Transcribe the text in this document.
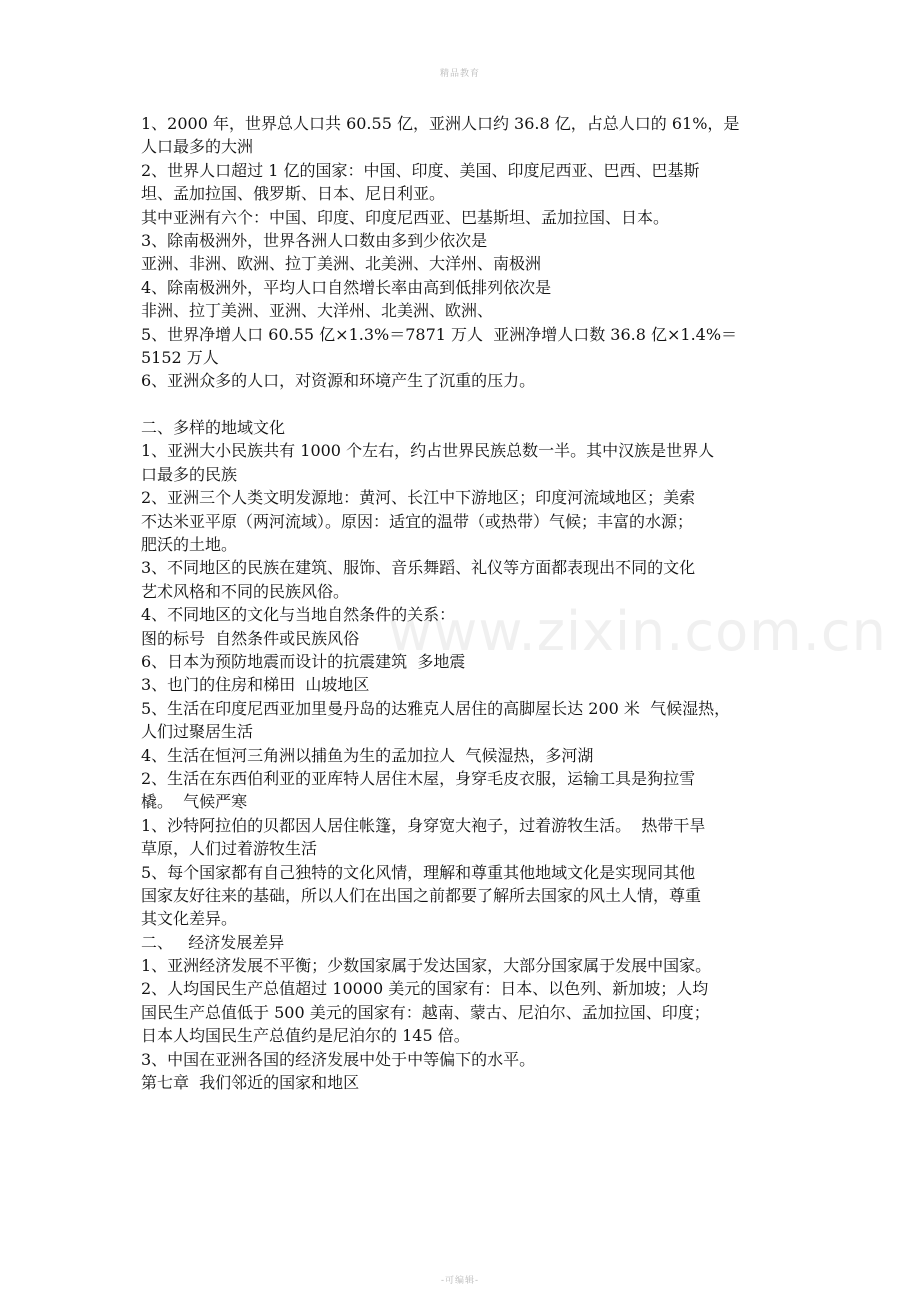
精品教育
www.zixin.com.cn
1、2000 年，世界总人口共 60.55 亿，亚洲人口约 36.8 亿，占总人口的 61%，是
人口最多的大洲
2、世界人口超过 1 亿的国家：中国、印度、美国、印度尼西亚、巴西、巴基斯
坦、孟加拉国、俄罗斯、日本、尼日利亚。
其中亚洲有六个：中国、印度、印度尼西亚、巴基斯坦、孟加拉国、日本。
3、除南极洲外，世界各洲人口数由多到少依次是
亚洲、非洲、欧洲、拉丁美洲、北美洲、大洋州、南极洲
4、除南极洲外，平均人口自然增长率由高到低排列依次是
非洲、拉丁美洲、亚洲、大洋州、北美洲、欧洲、
5、世界净增人口 60.55 亿×1.3%＝7871 万人  亚洲净增人口数 36.8 亿×1.4%＝
5152 万人
6、亚洲众多的人口，对资源和环境产生了沉重的压力。
二、多样的地域文化
1、亚洲大小民族共有 1000 个左右，约占世界民族总数一半。其中汉族是世界人
口最多的民族
2、亚洲三个人类文明发源地：黄河、长江中下游地区；印度河流域地区；美索
不达米亚平原（两河流域）。原因：适宜的温带（或热带）气候；丰富的水源；
肥沃的土地。
3、不同地区的民族在建筑、服饰、音乐舞蹈、礼仪等方面都表现出不同的文化
艺术风格和不同的民族风俗。
4、不同地区的文化与当地自然条件的关系：
图的标号  自然条件或民族风俗
6、日本为预防地震而设计的抗震建筑  多地震
3、也门的住房和梯田  山坡地区
5、生活在印度尼西亚加里曼丹岛的达雅克人居住的高脚屋长达 200 米  气候湿热，
人们过聚居生活
4、生活在恒河三角洲以捕鱼为生的孟加拉人  气候湿热，多河湖
2、生活在东西伯利亚的亚库特人居住木屋，身穿毛皮衣服，运输工具是狗拉雪
橇。  气候严寒
1、沙特阿拉伯的贝都因人居住帐篷，身穿宽大袍子，过着游牧生活。  热带干旱
草原，人们过着游牧生活
5、每个国家都有自己独特的文化风情，理解和尊重其他地域文化是实现同其他
国家友好往来的基础，所以人们在出国之前都要了解所去国家的风土人情，尊重
其文化差异。
二、   经济发展差异
1、亚洲经济发展不平衡；少数国家属于发达国家，大部分国家属于发展中国家。
2、人均国民生产总值超过 10000 美元的国家有：日本、以色列、新加坡；人均
国民生产总值低于 500 美元的国家有：越南、蒙古、尼泊尔、孟加拉国、印度；
日本人均国民生产总值约是尼泊尔的 145 倍。
3、中国在亚洲各国的经济发展中处于中等偏下的水平。
第七章  我们邻近的国家和地区
-可编辑-
